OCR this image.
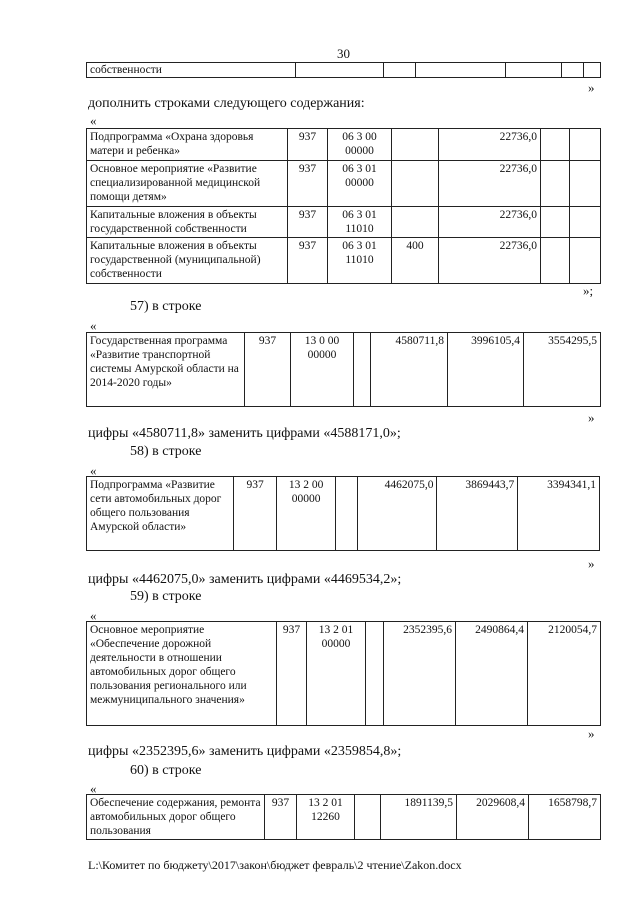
30
собственности						
»
дополнить строками следующего содержания:
«
Подпрограмма «Охрана здоровья матери и ребенка»	937	06 3 00 00000		22736,0		
Основное мероприятие «Развитие специализированной медицинской помощи детям»	937	06 3 01 00000		22736,0		
Капитальные вложения в объекты государственной собственности	937	06 3 01 11010		22736,0		
Капитальные вложения в объекты государственной (муниципальной) собственности	937	06 3 01 11010	400	22736,0		
»;
57) в строке
«
Государственная программа «Развитие транспортной системы Амурской области на 2014-2020 годы»	937	13 0 00 00000		4580711,8	3996105,4	3554295,5
»
цифры «4580711,8» заменить цифрами «4588171,0»;
58) в строке
«
Подпрограмма «Развитие сети автомобильных дорог общего пользования Амурской области»	937	13 2 00 00000		4462075,0	3869443,7	3394341,1
»
цифры «4462075,0» заменить цифрами «4469534,2»;
59) в строке
«
Основное мероприятие «Обеспечение дорожной деятельности в отношении автомобильных дорог общего пользования регионального или межмуниципального значения»	937	13 2 01 00000		2352395,6	2490864,4	2120054,7
»
цифры «2352395,6» заменить цифрами «2359854,8»;
60) в строке
«
Обеспечение содержания, ремонта автомобильных дорог общего пользования	937	13 2 01 12260		1891139,5	2029608,4	1658798,7
L:\Комитет по бюджету\2017\закон\бюджет февраль\2 чтение\Zakon.docx
